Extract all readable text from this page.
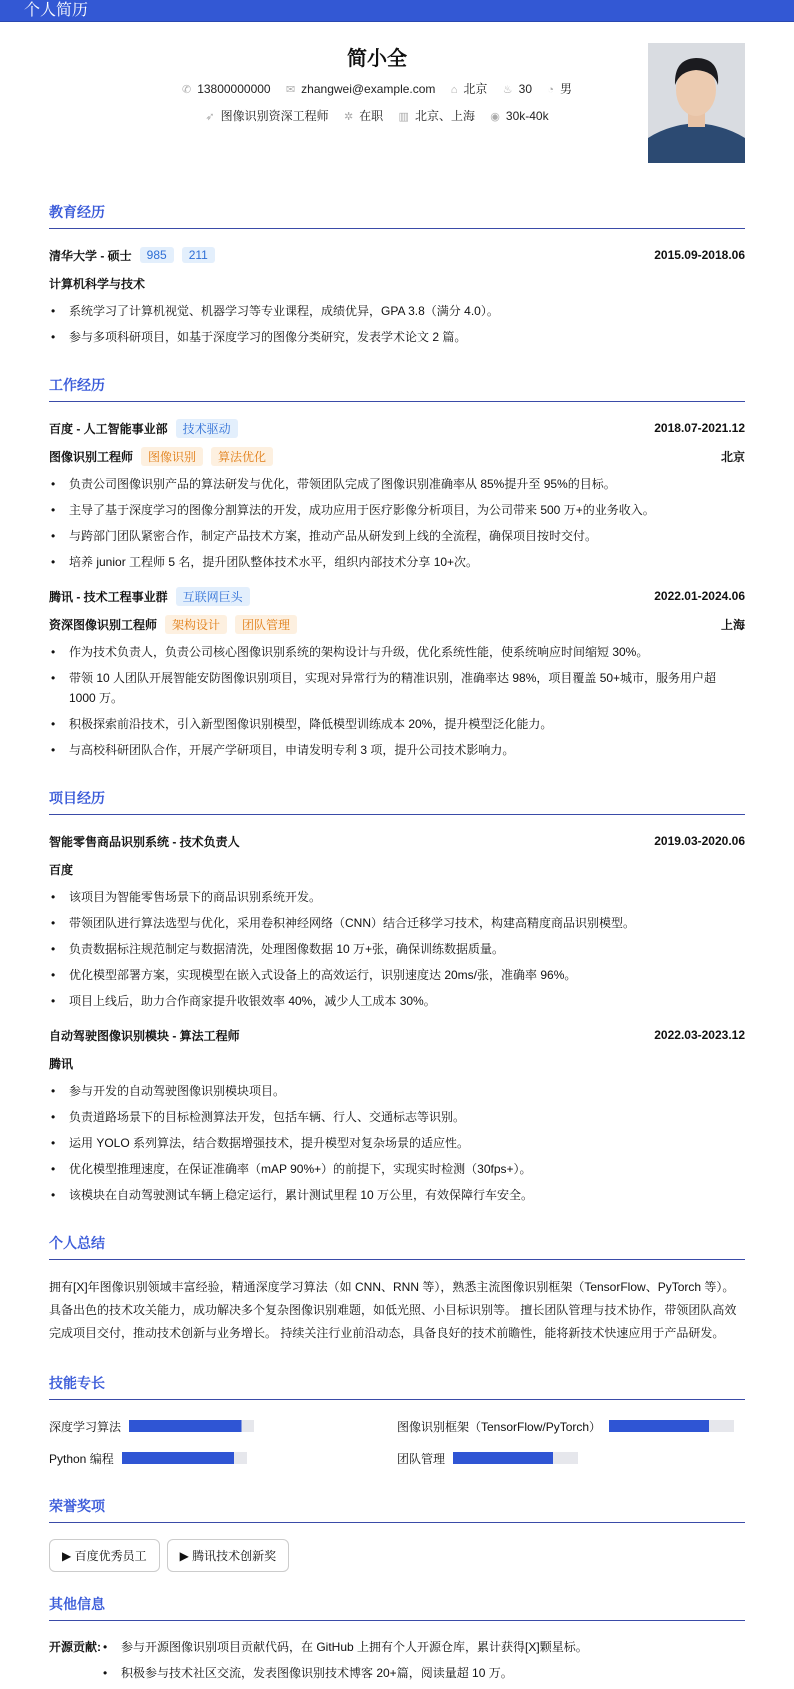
个人简历
简小全
✆ 13800000000 ✉ zhangwei@example.com ⌂ 北京 ♨ 30 ◔ 男
➶ 图像识别资深工程师 ✲ 在职 ▥ 北京、上海 ◉ 30k-40k
教育经历
清华大学 - 硕士	985	211	2015.09-2018.06
计算机科学与技术
• 系统学习了计算机视觉、机器学习等专业课程，成绩优异，GPA 3.8（满分 4.0）。
• 参与多项科研项目，如基于深度学习的图像分类研究，发表学术论文 2 篇。
工作经历
百度 - 人工智能事业部	技术驱动	2018.07-2021.12
图像识别工程师	图像识别	算法优化	北京
• 负责公司图像识别产品的算法研发与优化，带领团队完成了图像识别准确率从 85%提升至 95%的目标。
• 主导了基于深度学习的图像分割算法的开发，成功应用于医疗影像分析项目，为公司带来 500 万+的业务收入。
• 与跨部门团队紧密合作，制定产品技术方案，推动产品从研发到上线的全流程，确保项目按时交付。
• 培养 junior 工程师 5 名，提升团队整体技术水平，组织内部技术分享 10+次。
腾讯 - 技术工程事业群	互联网巨头	2022.01-2024.06
资深图像识别工程师	架构设计	团队管理	上海
• 作为技术负责人，负责公司核心图像识别系统的架构设计与升级，优化系统性能，使系统响应时间缩短 30%。
• 带领 10 人团队开展智能安防图像识别项目，实现对异常行为的精准识别，准确率达 98%，项目覆盖 50+城市，服务用户超 1000 万。
• 积极探索前沿技术，引入新型图像识别模型，降低模型训练成本 20%，提升模型泛化能力。
• 与高校科研团队合作，开展产学研项目，申请发明专利 3 项，提升公司技术影响力。
项目经历
智能零售商品识别系统 - 技术负责人	2019.03-2020.06
百度
• 该项目为智能零售场景下的商品识别系统开发。
• 带领团队进行算法选型与优化，采用卷积神经网络（CNN）结合迁移学习技术，构建高精度商品识别模型。
• 负责数据标注规范制定与数据清洗，处理图像数据 10 万+张，确保训练数据质量。
• 优化模型部署方案，实现模型在嵌入式设备上的高效运行，识别速度达 20ms/张，准确率 96%。
• 项目上线后，助力合作商家提升收银效率 40%，减少人工成本 30%。
自动驾驶图像识别模块 - 算法工程师	2022.03-2023.12
腾讯
• 参与开发的自动驾驶图像识别模块项目。
• 负责道路场景下的目标检测算法开发，包括车辆、行人、交通标志等识别。
• 运用 YOLO 系列算法，结合数据增强技术，提升模型对复杂场景的适应性。
• 优化模型推理速度，在保证准确率（mAP 90%+）的前提下，实现实时检测（30fps+）。
• 该模块在自动驾驶测试车辆上稳定运行，累计测试里程 10 万公里，有效保障行车安全。
个人总结
拥有[X]年图像识别领域丰富经验，精通深度学习算法（如 CNN、RNN 等），熟悉主流图像识别框架（TensorFlow、PyTorch 等）。具备出色的技术攻关能力，成功解决多个复杂图像识别难题，如低光照、小目标识别等。 擅长团队管理与技术协作，带领团队高效完成项目交付，推动技术创新与业务增长。 持续关注行业前沿动态，具备良好的技术前瞻性，能将新技术快速应用于产品研发。
技能专长
深度学习算法	图像识别框架（TensorFlow/PyTorch）
Python 编程	团队管理
荣誉奖项
▶ 百度优秀员工	▶ 腾讯技术创新奖
其他信息
开源贡献:	• 参与开源图像识别项目贡献代码，在 GitHub 上拥有个人开源仓库，累计获得[X]颗星标。
• 积极参与技术社区交流，发表图像识别技术博客 20+篇，阅读量超 10 万。
